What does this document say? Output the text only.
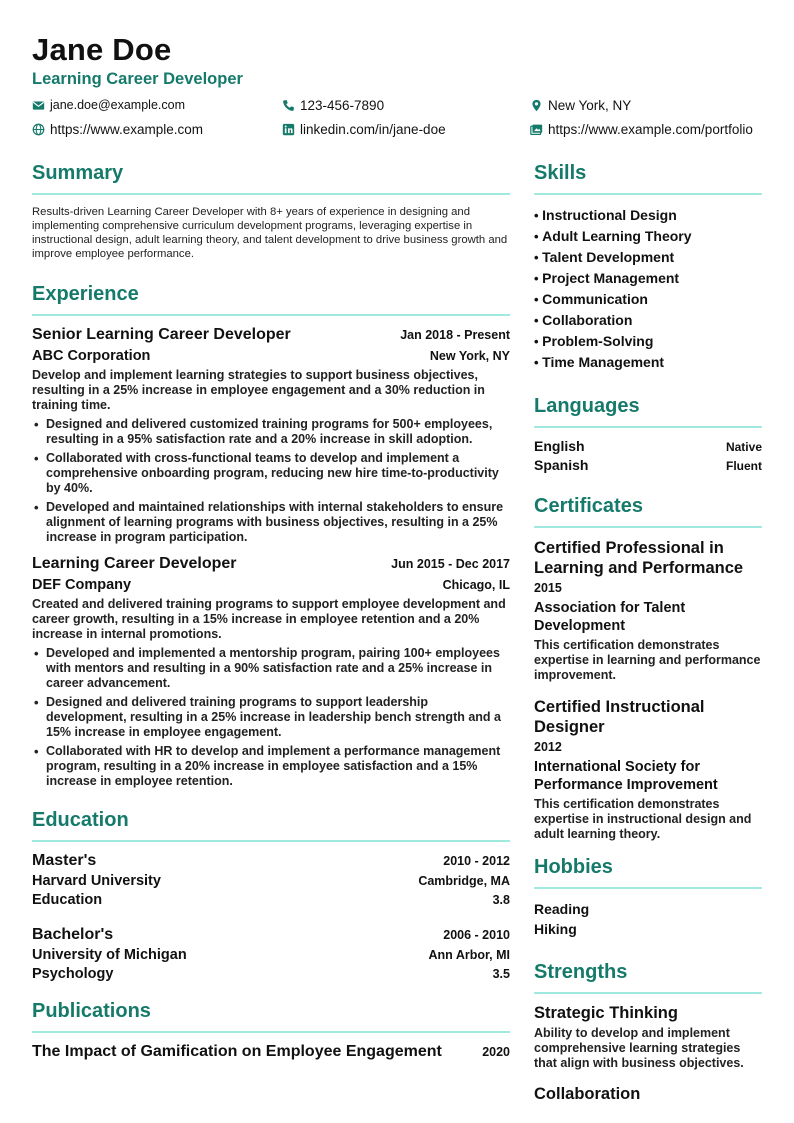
Jane Doe
Learning Career Developer
jane.doe@example.com	123-456-7890	New York, NY
https://www.example.com	linkedin.com/in/jane-doe	https://www.example.com/portfolio
Summary

Results-driven Learning Career Developer with 8+ years of experience in designing and implementing comprehensive curriculum development programs, leveraging expertise in instructional design, adult learning theory, and talent development to drive business growth and improve employee performance.

Experience
Senior Learning Career Developer	Jan 2018 - Present
ABC Corporation	New York, NY

Develop and implement learning strategies to support business objectives, resulting in a 25% increase in employee engagement and a 30% reduction in training time.

• Designed and delivered customized training programs for 500+ employees, resulting in a 95% satisfaction rate and a 20% increase in skill adoption.
• Collaborated with cross-functional teams to develop and implement a comprehensive onboarding program, reducing new hire time-to-productivity by 40%.
• Developed and maintained relationships with internal stakeholders to ensure alignment of learning programs with business objectives, resulting in a 25% increase in program participation.
Learning Career Developer	Jun 2015 - Dec 2017
DEF Company	Chicago, IL

Created and delivered training programs to support employee development and career growth, resulting in a 15% increase in employee retention and a 20% increase in internal promotions.

• Developed and implemented a mentorship program, pairing 100+ employees with mentors and resulting in a 90% satisfaction rate and a 25% increase in career advancement.
• Designed and delivered training programs to support leadership development, resulting in a 25% increase in leadership bench strength and a 15% increase in employee engagement.
• Collaborated with HR to develop and implement a performance management program, resulting in a 20% increase in employee satisfaction and a 15% increase in employee retention.
Education
Master's	2010 - 2012
Harvard University	Cambridge, MA
Education	3.8
Bachelor's	2006 - 2010
University of Michigan	Ann Arbor, MI
Psychology	3.5
Publications
The Impact of Gamification on Employee Engagement	2020
Skills
• Instructional Design
• Adult Learning Theory
• Talent Development
• Project Management
• Communication
• Collaboration
• Problem-Solving
• Time Management
Languages
English	Native
Spanish	Fluent
Certificates
Certified Professional in Learning and Performance
2015
Association for Talent Development
This certification demonstrates expertise in learning and performance improvement.
Certified Instructional Designer
2012
International Society for Performance Improvement
This certification demonstrates expertise in instructional design and adult learning theory.
Hobbies
Reading
Hiking
Strengths
Strategic Thinking
Ability to develop and implement comprehensive learning strategies that align with business objectives.
Collaboration
